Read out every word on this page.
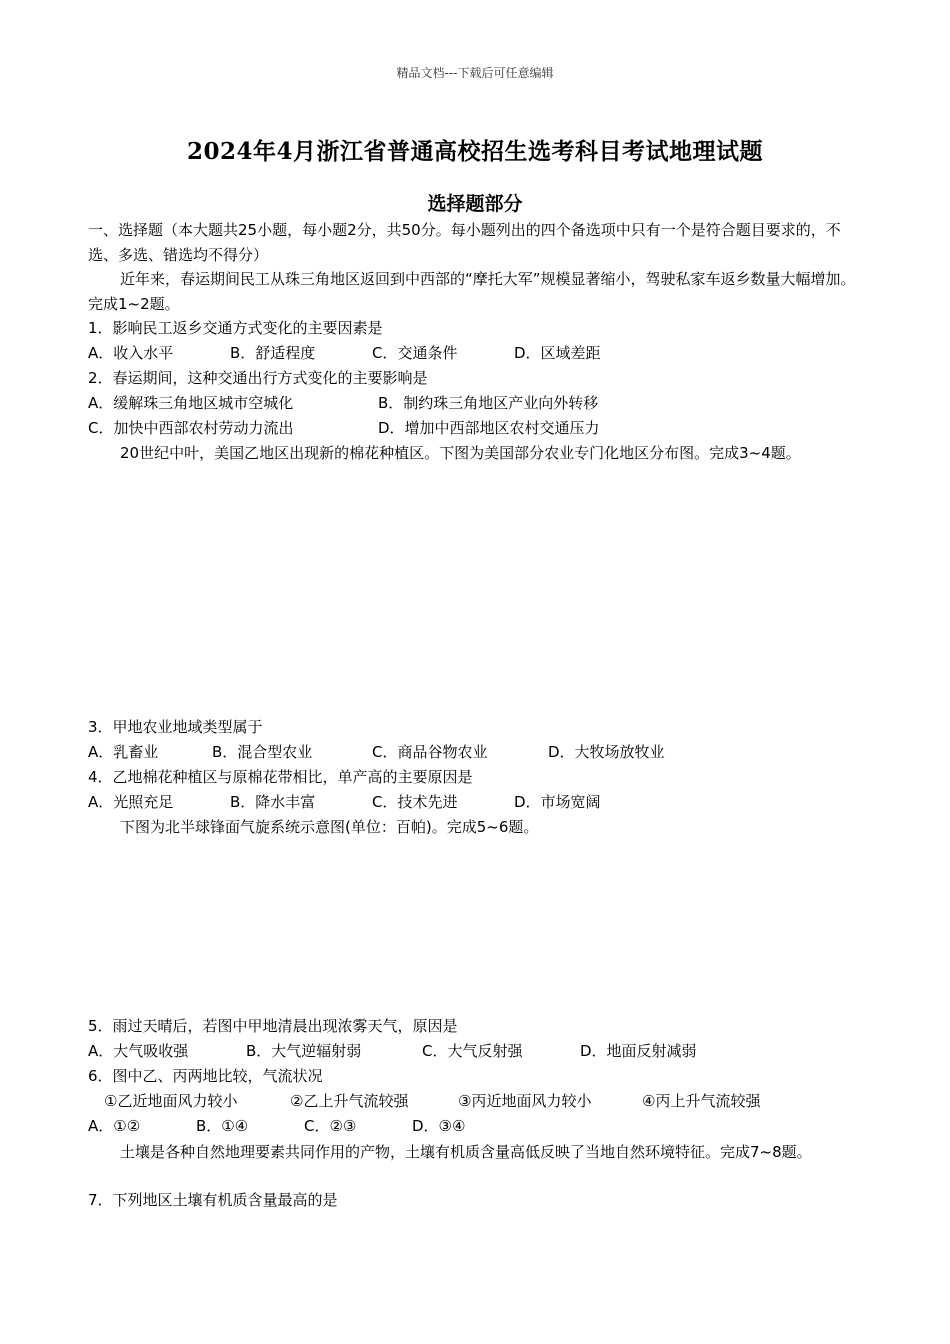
精品文档---下载后可任意编辑
2024年4月浙江省普通高校招生选考科目考试地理试题
选择题部分
一、选择题（本大题共25小题，每小题2分，共50分。每小题列出的四个备选项中只有一个是符合题目要求的，不选、多选、错选均不得分）
近年来，春运期间民工从珠三角地区返回到中西部的“摩托大军”规模显著缩小，驾驶私家车返乡数量大幅增加。完成1~2题。
1．影响民工返乡交通方式变化的主要因素是
A．收入水平	B．舒适程度	C．交通条件	D．区域差距
2．春运期间，这种交通出行方式变化的主要影响是
A．缓解珠三角地区城市空城化	B．制约珠三角地区产业向外转移
C．加快中西部农村劳动力流出	D．增加中西部地区农村交通压力
20世纪中叶，美国乙地区出现新的棉花种植区。下图为美国部分农业专门化地区分布图。完成3~4题。
3．甲地农业地域类型属于
A．乳畜业	B．混合型农业	C．商品谷物农业	D．大牧场放牧业
4．乙地棉花种植区与原棉花带相比，单产高的主要原因是
A．光照充足	B．降水丰富	C．技术先进	D．市场宽阔
下图为北半球锋面气旋系统示意图(单位：百帕)。完成5~6题。
5．雨过天晴后，若图中甲地清晨出现浓雾天气，原因是
A．大气吸收强	B．大气逆辐射弱	C．大气反射强	D．地面反射减弱
6．图中乙、丙两地比较，气流状况
①乙近地面风力较小	②乙上升气流较强	③丙近地面风力较小	④丙上升气流较强
A．①②	B．①④	C．②③	D．③④
土壤是各种自然地理要素共同作用的产物，土壤有机质含量高低反映了当地自然环境特征。完成7~8题。
7．下列地区土壤有机质含量最高的是
